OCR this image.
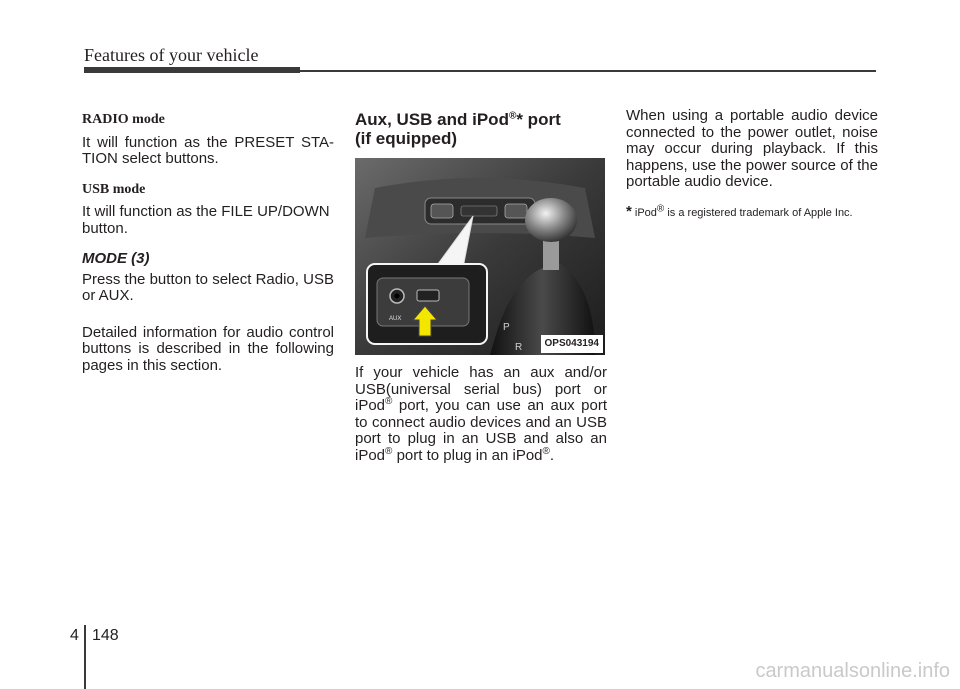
Features of your vehicle
RADIO mode

It will function as the PRESET STA-TION select buttons.

USB mode

It will function as the FILE UP/DOWN button.

MODE (3)

Press the button to select Radio, USB or AUX.

Detailed information for audio control buttons is described in the following pages in this section.

Aux, USB and iPod®* port
(if equipped)
P
R
AUX
OPS043194

If your vehicle has an aux and/or USB(universal serial bus) port or iPod® port, you can use an aux port to connect audio devices and an USB port to plug in an USB and also an iPod® port to plug in an iPod®.

When using a portable audio device connected to the power outlet, noise may occur during playback. If this happens, use the power source of the portable audio device.

* iPod® is a registered trademark of Apple Inc.
4 148
carmanualsonline.info
